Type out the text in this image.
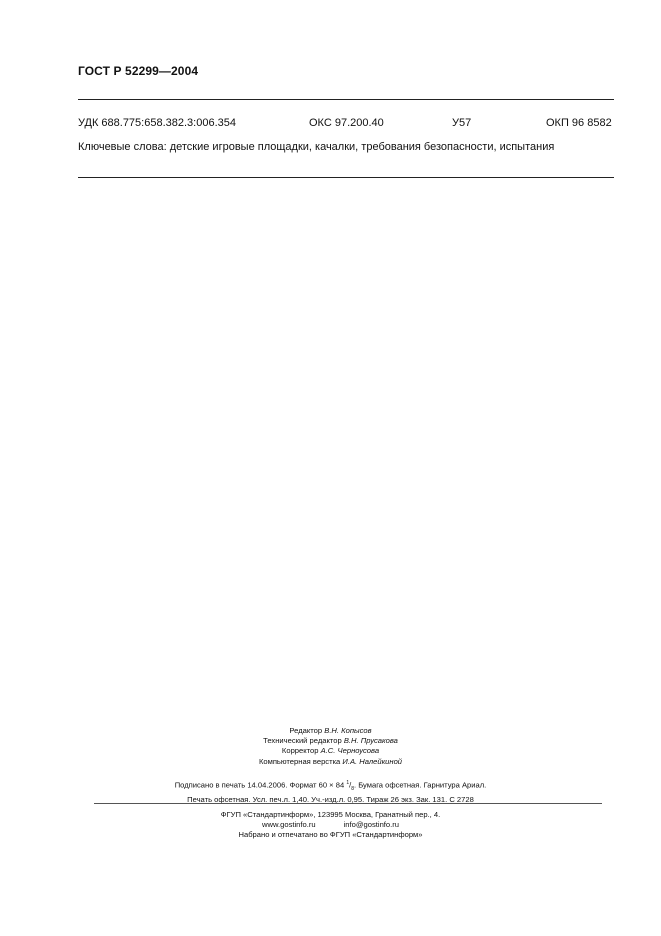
ГОСТ Р 52299—2004
УДК 688.775:658.382.3:006.354	ОКС 97.200.40	У57	ОКП 96 8582
Ключевые слова: детские игровые площадки, качалки, требования безопасности, испытания
Редактор В.Н. Копысов
Технический редактор В.Н. Прусакова
Корректор А.С. Черноусова
Компьютерная верстка И.А. Налейкиной
Подписано в печать 14.04.2006. Формат 60 × 84 $^1/_8$. Бумага офсетная. Гарнитура Ариал.
Печать офсетная. Усл. печ.л. 1,40. Уч.-изд.л. 0,95. Тираж 26 экз. Зак. 131. С 2728
ФГУП «Стандартинформ», 123995 Москва, Гранатный пер., 4.
www.gostinfo.ru	info@gostinfo.ru
Набрано и отпечатано во ФГУП «Стандартинформ»
